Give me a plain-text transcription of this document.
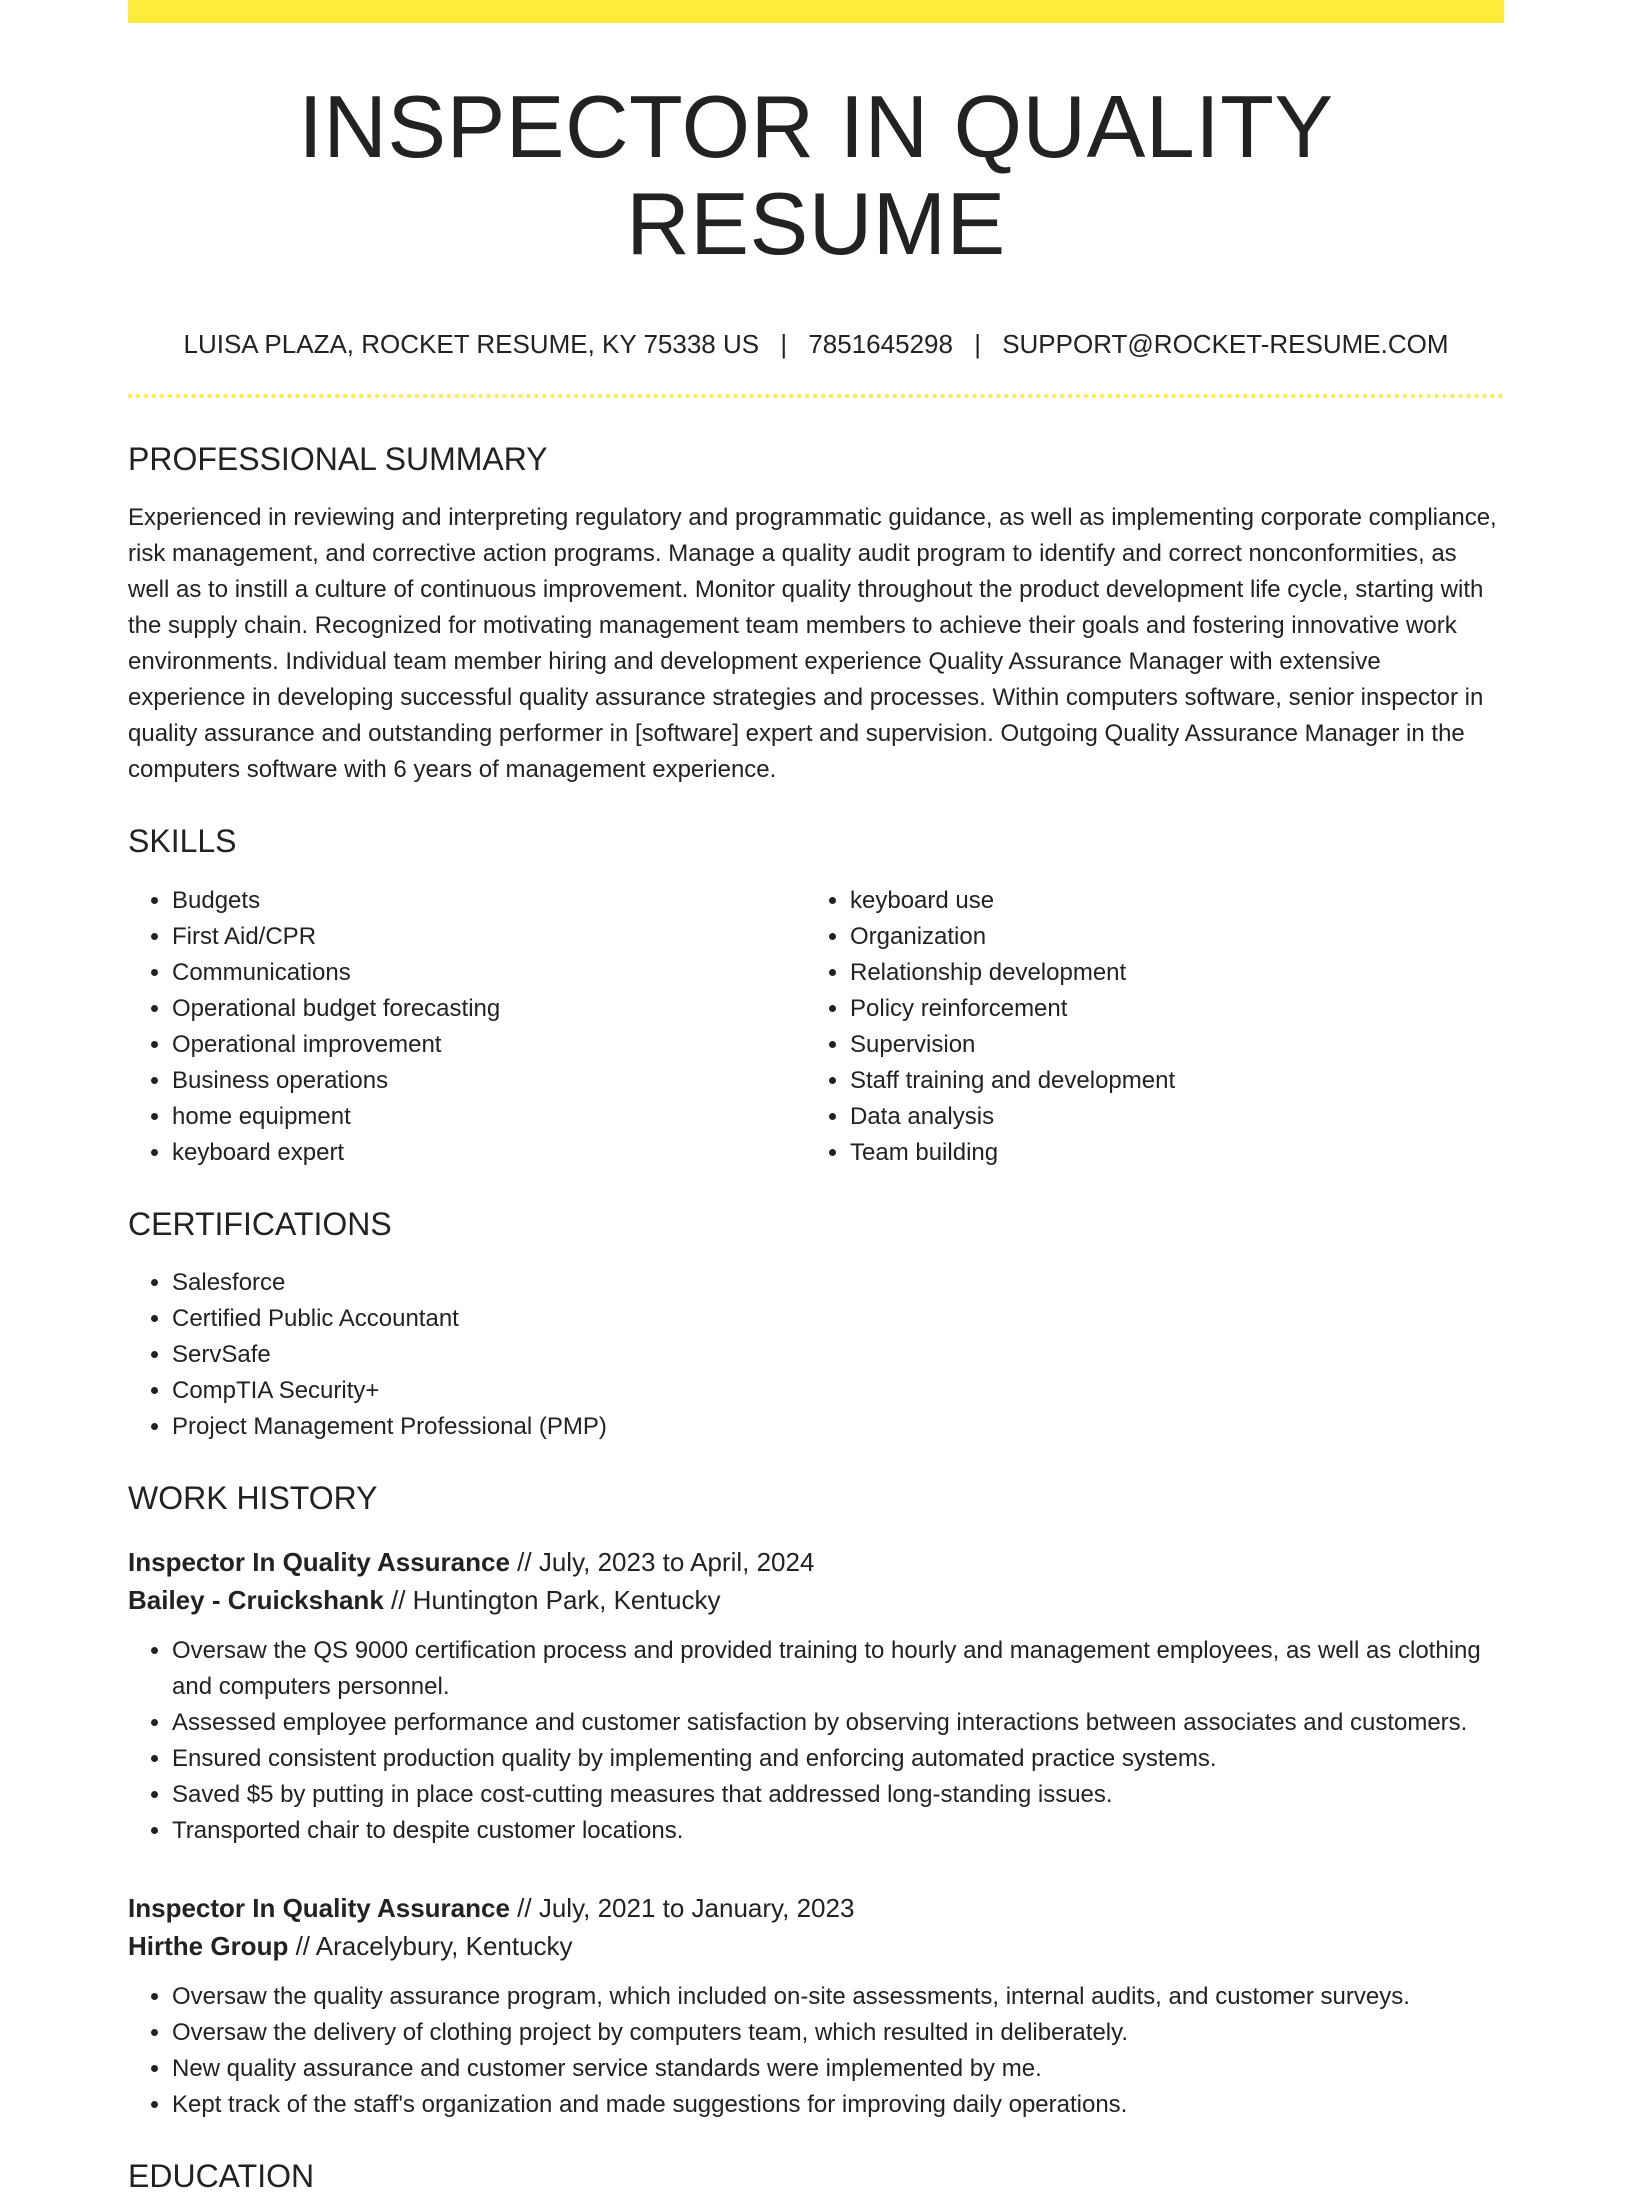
INSPECTOR IN QUALITY RESUME
LUISA PLAZA, ROCKET RESUME, KY 75338 US | 7851645298 | SUPPORT@ROCKET-RESUME.COM
PROFESSIONAL SUMMARY
Experienced in reviewing and interpreting regulatory and programmatic guidance, as well as implementing corporate compliance, risk management, and corrective action programs. Manage a quality audit program to identify and correct nonconformities, as well as to instill a culture of continuous improvement. Monitor quality throughout the product development life cycle, starting with the supply chain. Recognized for motivating management team members to achieve their goals and fostering innovative work environments. Individual team member hiring and development experience Quality Assurance Manager with extensive experience in developing successful quality assurance strategies and processes. Within computers software, senior inspector in quality assurance and outstanding performer in [software] expert and supervision. Outgoing Quality Assurance Manager in the computers software with 6 years of management experience.
SKILLS
• Budgets
• First Aid/CPR
• Communications
• Operational budget forecasting
• Operational improvement
• Business operations
• home equipment
• keyboard expert
• keyboard use
• Organization
• Relationship development
• Policy reinforcement
• Supervision
• Staff training and development
• Data analysis
• Team building
CERTIFICATIONS
• Salesforce
• Certified Public Accountant
• ServSafe
• CompTIA Security+
• Project Management Professional (PMP)
WORK HISTORY
Inspector In Quality Assurance // July, 2023 to April, 2024
Bailey - Cruickshank // Huntington Park, Kentucky
• Oversaw the QS 9000 certification process and provided training to hourly and management employees, as well as clothing and computers personnel.
• Assessed employee performance and customer satisfaction by observing interactions between associates and customers.
• Ensured consistent production quality by implementing and enforcing automated practice systems.
• Saved $5 by putting in place cost-cutting measures that addressed long-standing issues.
• Transported chair to despite customer locations.
Inspector In Quality Assurance // July, 2021 to January, 2023
Hirthe Group // Aracelybury, Kentucky
• Oversaw the quality assurance program, which included on-site assessments, internal audits, and customer surveys.
• Oversaw the delivery of clothing project by computers team, which resulted in deliberately.
• New quality assurance and customer service standards were implemented by me.
• Kept track of the staff's organization and made suggestions for improving daily operations.
EDUCATION
